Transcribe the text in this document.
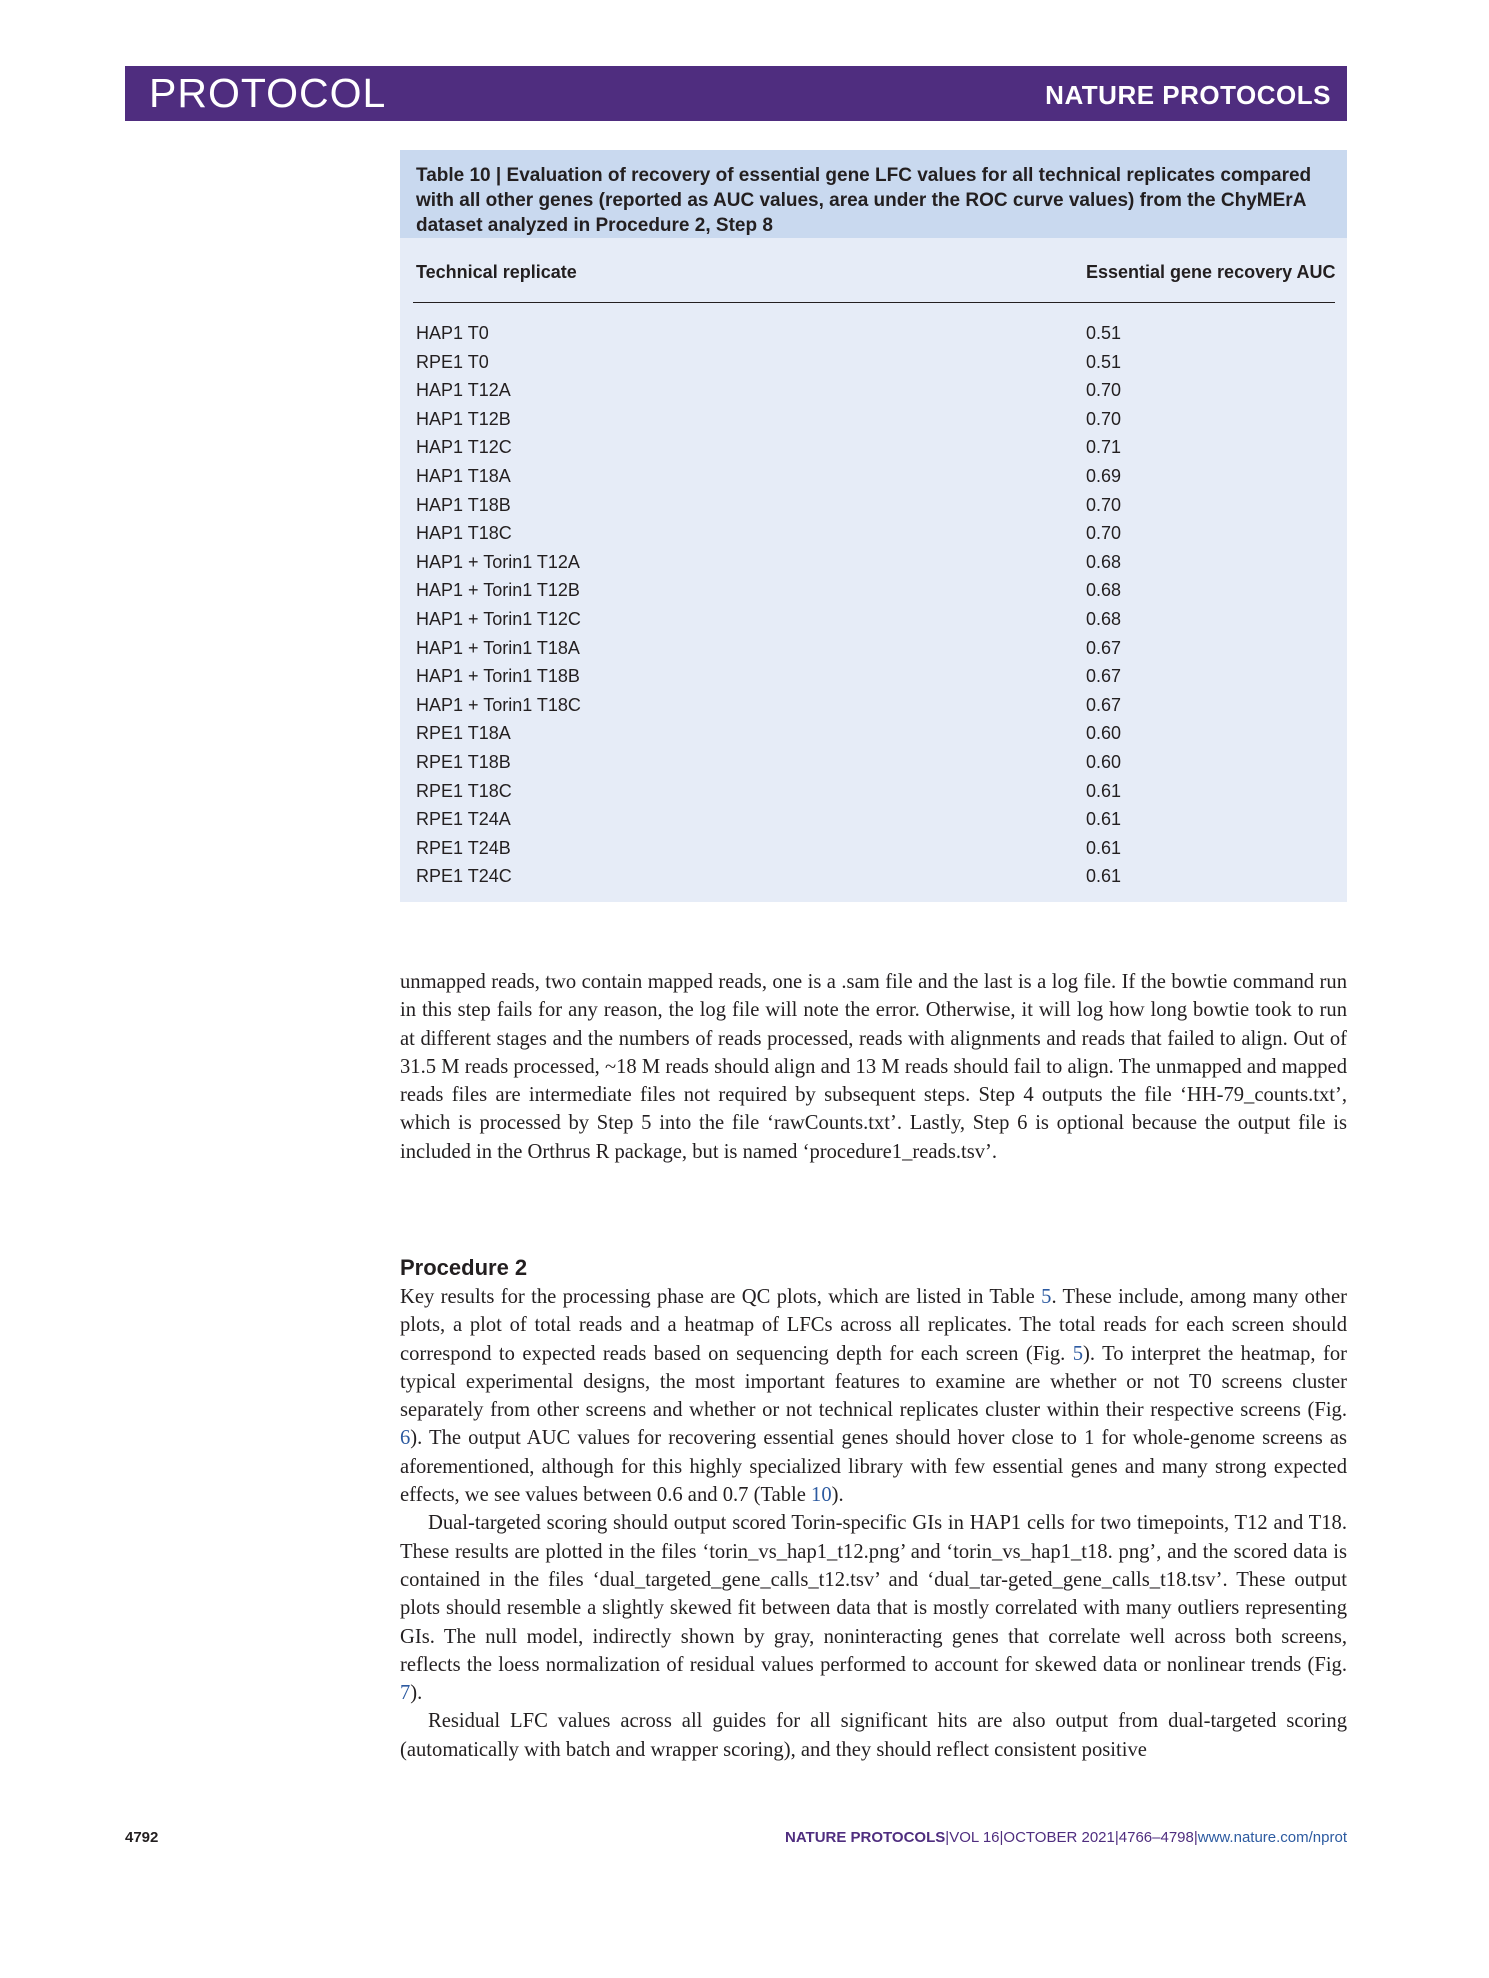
PROTOCOL	NATURE PROTOCOLS
Table 10 | Evaluation of recovery of essential gene LFC values for all technical replicates compared with all other genes (reported as AUC values, area under the ROC curve values) from the ChyMErA dataset analyzed in Procedure 2, Step 8
Technical replicate	Essential gene recovery AUC
HAP1 T0	0.51
RPE1 T0	0.51
HAP1 T12A	0.70
HAP1 T12B	0.70
HAP1 T12C	0.71
HAP1 T18A	0.69
HAP1 T18B	0.70
HAP1 T18C	0.70
HAP1 + Torin1 T12A	0.68
HAP1 + Torin1 T12B	0.68
HAP1 + Torin1 T12C	0.68
HAP1 + Torin1 T18A	0.67
HAP1 + Torin1 T18B	0.67
HAP1 + Torin1 T18C	0.67
RPE1 T18A	0.60
RPE1 T18B	0.60
RPE1 T18C	0.61
RPE1 T24A	0.61
RPE1 T24B	0.61
RPE1 T24C	0.61

unmapped reads, two contain mapped reads, one is a .sam file and the last is a log file. If the bowtie command run in this step fails for any reason, the log file will note the error. Otherwise, it will log how long bowtie took to run at different stages and the numbers of reads processed, reads with alignments and reads that failed to align. Out of 31.5 M reads processed, ~18 M reads should align and 13 M reads should fail to align. The unmapped and mapped reads files are intermediate files not required by subsequent steps. Step 4 outputs the file ‘HH-79_counts.txt’, which is processed by Step 5 into the file ‘rawCounts.txt’. Lastly, Step 6 is optional because the output file is included in the Orthrus R package, but is named ‘procedure1_reads.tsv’.

Procedure 2

Key results for the processing phase are QC plots, which are listed in Table 5. These include, among many other plots, a plot of total reads and a heatmap of LFCs across all replicates. The total reads for each screen should correspond to expected reads based on sequencing depth for each screen (Fig. 5). To interpret the heatmap, for typical experimental designs, the most important features to examine are whether or not T0 screens cluster separately from other screens and whether or not technical replicates cluster within their respective screens (Fig. 6). The output AUC values for recovering essential genes should hover close to 1 for whole-genome screens as aforementioned, although for this highly specialized library with few essential genes and many strong expected effects, we see values between 0.6 and 0.7 (Table 10).

Dual-targeted scoring should output scored Torin-specific GIs in HAP1 cells for two timepoints, T12 and T18. These results are plotted in the files ‘torin_vs_hap1_t12.png’ and ‘torin_vs_hap1_t18. png’, and the scored data is contained in the files ‘dual_targeted_gene_calls_t12.tsv’ and ‘dual_tar-geted_gene_calls_t18.tsv’. These output plots should resemble a slightly skewed fit between data that is mostly correlated with many outliers representing GIs. The null model, indirectly shown by gray, noninteracting genes that correlate well across both screens, reflects the loess normalization of residual values performed to account for skewed data or nonlinear trends (Fig. 7).

Residual LFC values across all guides for all significant hits are also output from dual-targeted scoring (automatically with batch and wrapper scoring), and they should reflect consistent positive

4792	NATURE PROTOCOLS|VOL 16|OCTOBER 2021|4766–4798|www.nature.com/nprot
